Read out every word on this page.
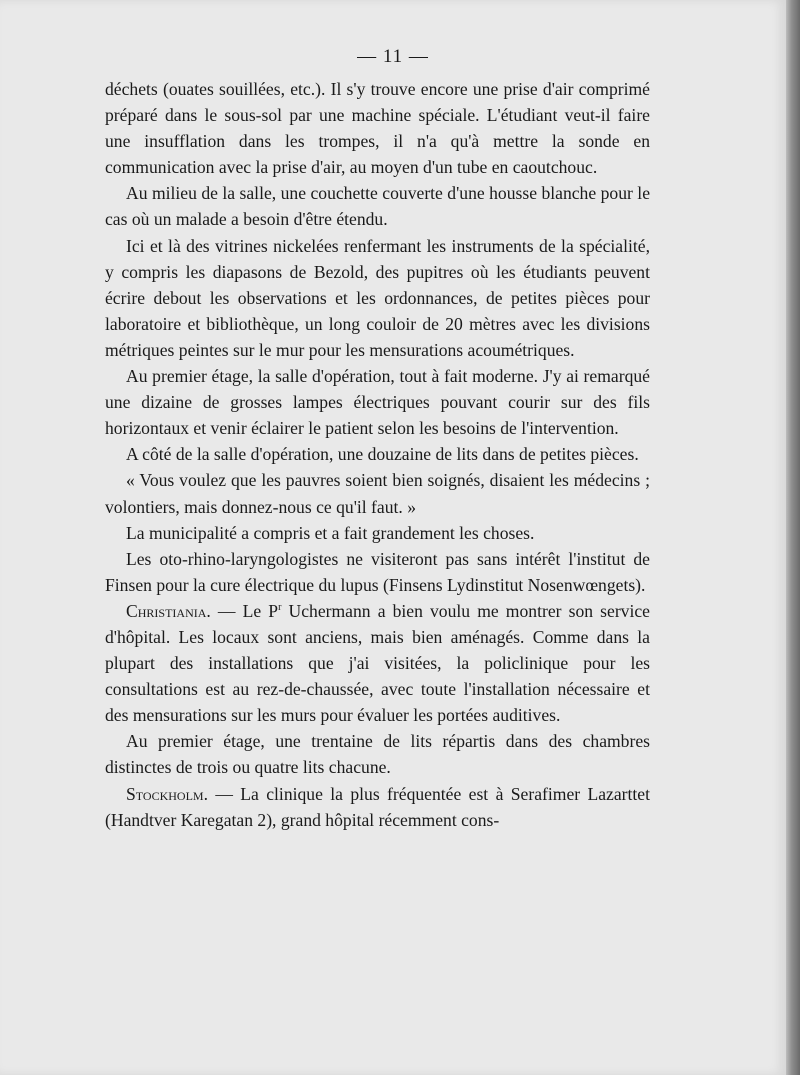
— 11 —

déchets (ouates souillées, etc.). Il s'y trouve encore une prise d'air comprimé préparé dans le sous-sol par une machine spéciale. L'étudiant veut-il faire une insufflation dans les trompes, il n'a qu'à mettre la sonde en communication avec la prise d'air, au moyen d'un tube en caoutchouc.

Au milieu de la salle, une couchette couverte d'une housse blanche pour le cas où un malade a besoin d'être étendu.

Ici et là des vitrines nickelées renfermant les instruments de la spécialité, y compris les diapasons de Bezold, des pupitres où les étudiants peuvent écrire debout les observations et les ordonnances, de petites pièces pour laboratoire et bibliothèque, un long couloir de 20 mètres avec les divisions métriques peintes sur le mur pour les mensurations acoumétriques.

Au premier étage, la salle d'opération, tout à fait moderne. J'y ai remarqué une dizaine de grosses lampes électriques pouvant courir sur des fils horizontaux et venir éclairer le patient selon les besoins de l'intervention.

A côté de la salle d'opération, une douzaine de lits dans de petites pièces.

« Vous voulez que les pauvres soient bien soignés, disaient les médecins ; volontiers, mais donnez-nous ce qu'il faut. »

La municipalité a compris et a fait grandement les choses.

Les oto-rhino-laryngologistes ne visiteront pas sans intérêt l'institut de Finsen pour la cure électrique du lupus (Finsens Lydinstitut Nosenwœngets).

Christiania. — Le $P^r$ Uchermann a bien voulu me montrer son service d'hôpital. Les locaux sont anciens, mais bien aménagés. Comme dans la plupart des installations que j'ai visitées, la policlinique pour les consultations est au rez-de-chaussée, avec toute l'installation nécessaire et des mensurations sur les murs pour évaluer les portées auditives.

Au premier étage, une trentaine de lits répartis dans des chambres distinctes de trois ou quatre lits chacune.

Stockholm. — La clinique la plus fréquentée est à Serafimer Lazarttet (Handtver Karegatan 2), grand hôpital récemment cons-
